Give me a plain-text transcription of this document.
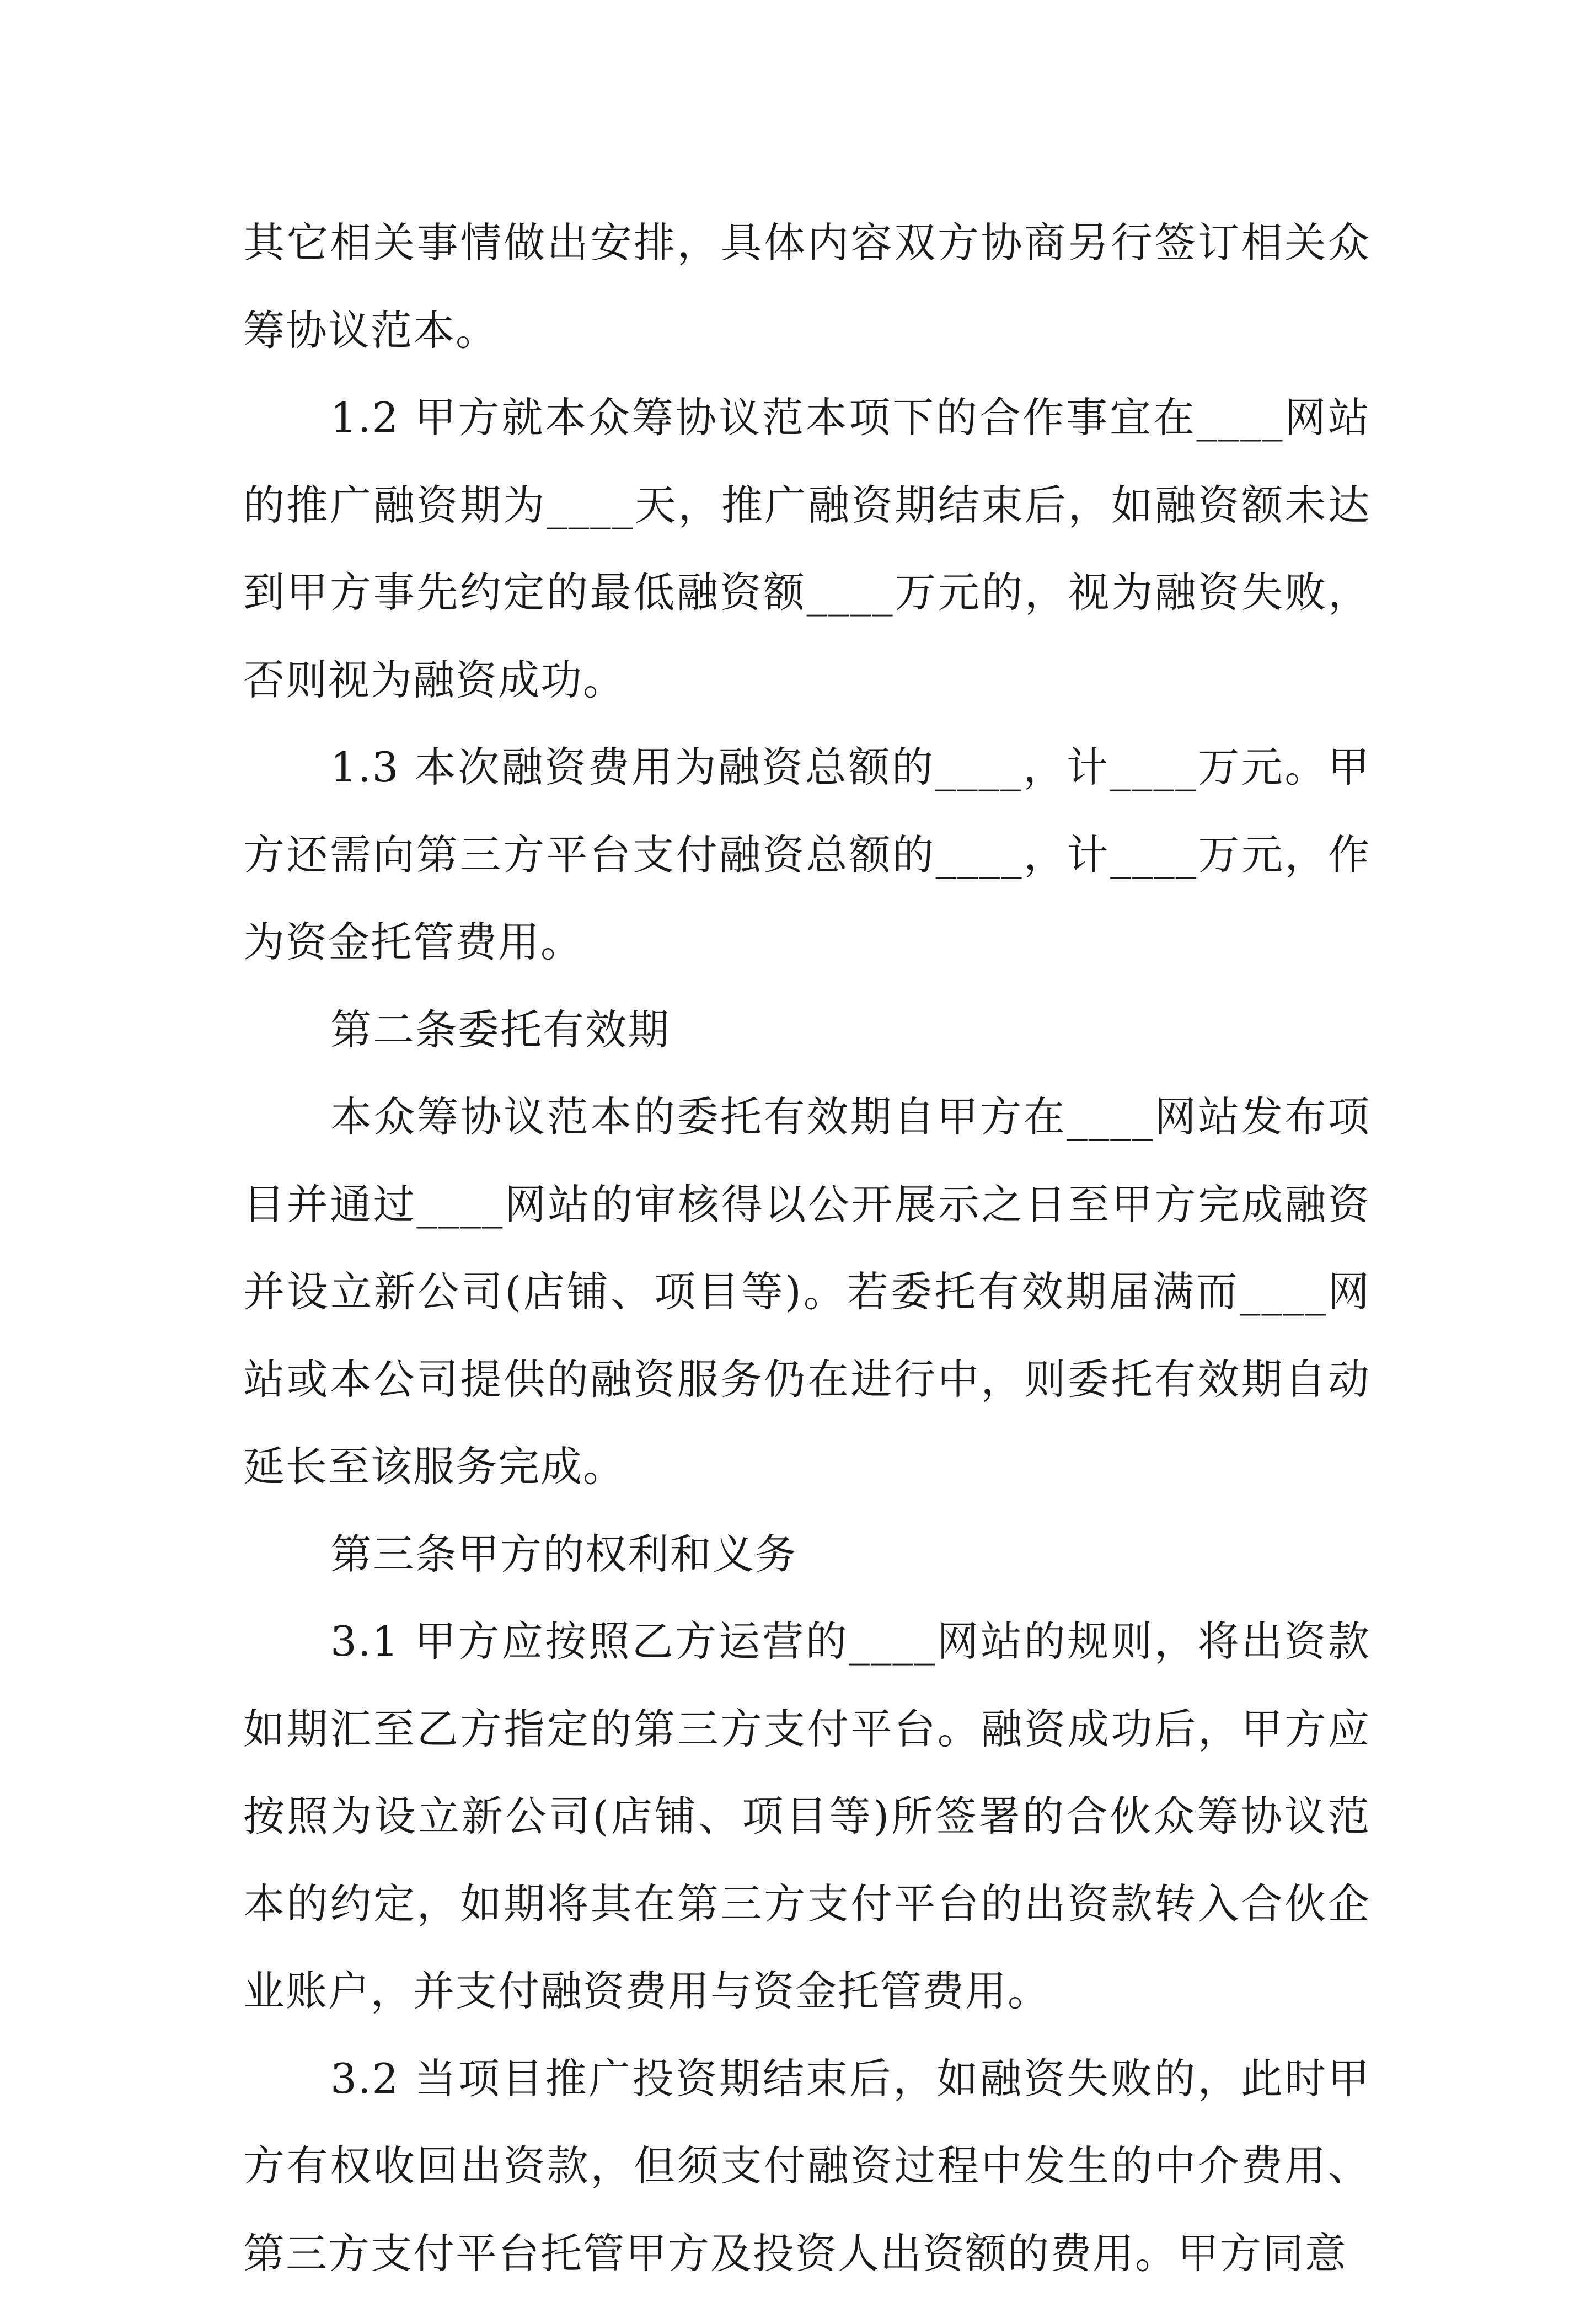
其它相关事情做出安排，具体内容双方协商另行签订相关众筹协议范本。

1.2 甲方就本众筹协议范本项下的合作事宜在____网站的推广融资期为____天，推广融资期结束后，如融资额未达到甲方事先约定的最低融资额____万元的，视为融资失败，否则视为融资成功。

1.3 本次融资费用为融资总额的____，计____万元。甲方还需向第三方平台支付融资总额的____，计____万元，作为资金托管费用。

第二条委托有效期

本众筹协议范本的委托有效期自甲方在____网站发布项目并通过____网站的审核得以公开展示之日至甲方完成融资并设立新公司(店铺、项目等)。若委托有效期届满而____网站或本公司提供的融资服务仍在进行中，则委托有效期自动延长至该服务完成。

第三条甲方的权利和义务

3.1 甲方应按照乙方运营的____网站的规则，将出资款如期汇至乙方指定的第三方支付平台。融资成功后，甲方应按照为设立新公司(店铺、项目等)所签署的合伙众筹协议范本的约定，如期将其在第三方支付平台的出资款转入合伙企业账户，并支付融资费用与资金托管费用。

3.2 当项目推广投资期结束后，如融资失败的，此时甲方有权收回出资款，但须支付融资过程中发生的中介费用、第三方支付平台托管甲方及投资人出资额的费用。甲方同意
